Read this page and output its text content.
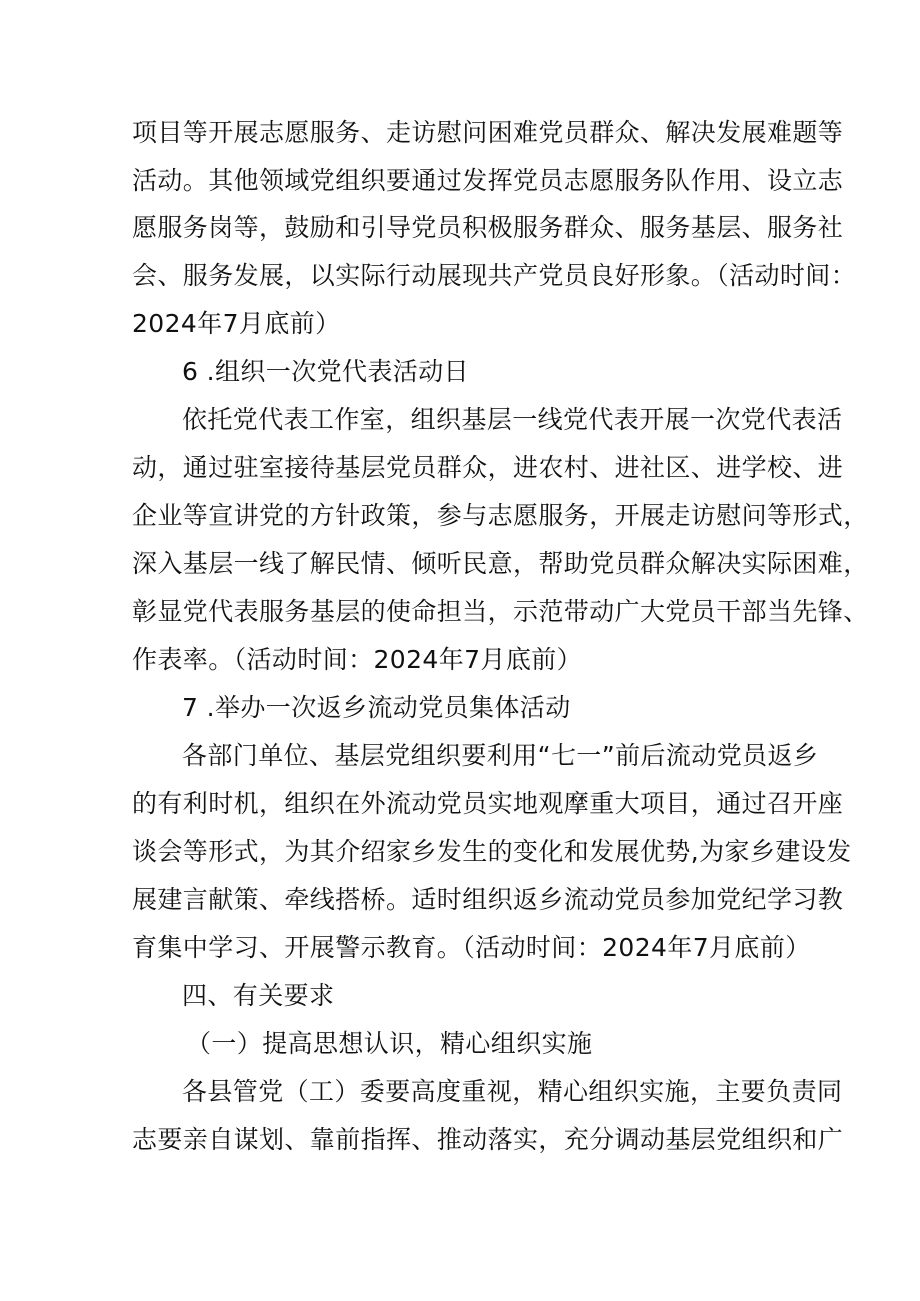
项目等开展志愿服务、走访慰问困难党员群众、解决发展难题等
活动。其他领域党组织要通过发挥党员志愿服务队作用、设立志
愿服务岗等，鼓励和引导党员积极服务群众、服务基层、服务社
会、服务发展，以实际行动展现共产党员良好形象。（活动时间：
2024年7月底前）
6 .组织一次党代表活动日
依托党代表工作室，组织基层一线党代表开展一次党代表活
动，通过驻室接待基层党员群众，进农村、进社区、进学校、进
企业等宣讲党的方针政策，参与志愿服务，开展走访慰问等形式，
深入基层一线了解民情、倾听民意，帮助党员群众解决实际困难，
彰显党代表服务基层的使命担当，示范带动广大党员干部当先锋、
作表率。（活动时间：2024年7月底前）
7 .举办一次返乡流动党员集体活动
各部门单位、基层党组织要利用“七一”前后流动党员返乡
的有利时机，组织在外流动党员实地观摩重大项目，通过召开座
谈会等形式，为其介绍家乡发生的变化和发展优势,为家乡建设发
展建言献策、牵线搭桥。适时组织返乡流动党员参加党纪学习教
育集中学习、开展警示教育。（活动时间：2024年7月底前）
四、有关要求
（一）提高思想认识，精心组织实施
各县管党（工）委要高度重视，精心组织实施，主要负责同
志要亲自谋划、靠前指挥、推动落实，充分调动基层党组织和广
